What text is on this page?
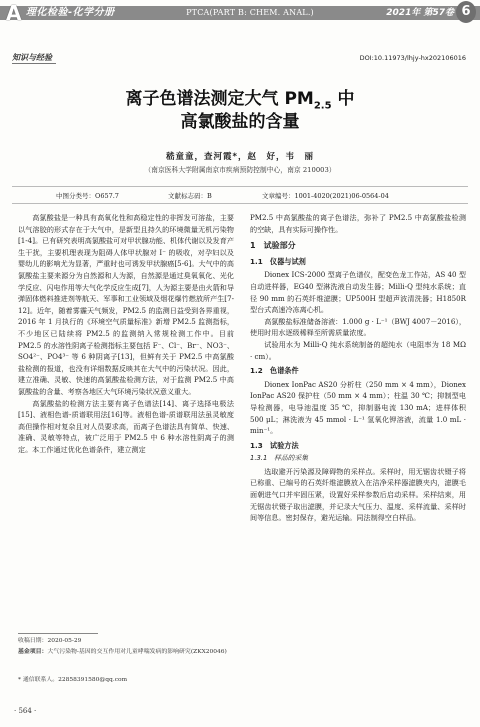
A 理化检验-化学分册	PTCA(PART B: CHEM. ANAL.)	2021年 第57卷 6
知识与经验	DOI:10.11973/lhjy-hx202106016
离子色谱法测定大气 $PM_{2.5}$ 中
高氯酸盐的含量
嵇童童，查河霞*，赵　好，韦　丽
（南京医科大学附属南京市疾病预防控制中心，南京 210003）
中图分类号：O657.7	文献标志码：B	文章编号：1001-4020(2021)06-0564-04

高氯酸盐是一种具有高氧化性和高稳定性的非挥发可溶盐，主要以气溶胶的形式存在于大气中，是新型且持久的环境微量无机污染物[1-4]。已有研究表明高氯酸盐可对甲状腺功能、机体代谢以及发育产生干扰，主要机理表现为阻碍人体甲状腺对 I⁻ 的吸收，对孕妇以及婴幼儿的影响尤为显著，严重时也可诱发甲状腺癌[5-6]。大气中的高氯酸盐主要来源分为自然源和人为源，自然源是通过臭氧氧化、光化学反应、闪电作用等大气化学反应生成[7]，人为源主要是由火箭和导弹固体燃料推进剂等航天、军事和工业领域及烟花爆竹燃放所产生[7-12]。近年，随着雾霾天气频发，PM2.5 的监测日益受到各界重视，2016 年 1 月执行的《环境空气质量标准》新增 PM2.5 监测指标，不少地区已陆续将 PM2.5 的监测纳入常规检测工作中。目前 PM2.5 的水溶性阴离子检测指标主要包括 F⁻、Cl⁻、Br⁻、NO3⁻、SO4²⁻、PO4³⁻ 等 6 种阴离子[13]，但鲜有关于 PM2.5 中高氯酸盐检测的报道，也没有详细数据反映其在大气中的污染状况。因此，建立准确、灵敏、快速的高氯酸盐检测方法，对于监测 PM2.5 中高氯酸盐的含量、考察各地区大气环境污染状况意义重大。

高氯酸盐的检测方法主要有离子色谱法[14]、离子选择电极法[15]、液相色谱-质谱联用法[16]等。液相色谱-质谱联用法虽灵敏度高但操作相对复杂且对人员要求高，而离子色谱法具有简单、快速、准确、灵敏等特点，被广泛用于 PM2.5 中 6 种水溶性阴离子的测定。本工作通过优化色谱条件，建立测定

PM2.5 中高氯酸盐的离子色谱法，弥补了 PM2.5 中高氯酸盐检测的空缺，具有实际可操作性。

1　试验部分
1.1　仪器与试剂

Dionex ICS-2000 型离子色谱仪，配变色龙工作站，AS 40 型自动进样器，EG40 型淋洗液自动发生器；Milli-Q 型纯水系统；直径 90 mm 的石英纤维滤膜；UP500H 型超声波清洗器；H1850R 型台式高速冷冻离心机。

高氯酸盐标准储备溶液：1.000 g · L⁻¹（BWJ 4007－2016），使用时用水逐级稀释至所需质量浓度。

试验用水为 Milli-Q 纯水系统制备的超纯水（电阻率为 18 MΩ · cm）。

1.2　色谱条件

Dionex IonPac AS20 分析柱（250 mm × 4 mm），Dionex IonPac AS20 保护柱（50 mm × 4 mm）；柱温 30 ℃；抑制型电导检测器，电导池温度 35 ℃，抑制器电流 130 mA；进样体积 500 μL；淋洗液为 45 mmol · L⁻¹ 氢氧化钾溶液，流量 1.0 mL · min⁻¹。

1.3　试验方法
1.3.1　样品的采集

选取避开污染源及障碍物的采样点。采样时，用无锯齿状镊子将已称重、已编号的石英纤维滤膜放入在洁净采样器滤膜夹内，滤膜毛面朝进气口并牢固压紧，设置好采样参数后启动采样。采样结束，用无锯齿状镊子取出滤膜，并记录大气压力、温度、采样流量、采样时间等信息。密封保存，避光运输。同法制得空白样品。

收稿日期：2020-05-29
基金项目：大气污染物-基因的交互作用对儿童哮喘发病的影响研究(ZKX20046)
* 通信联系人。22858391580@qq.com
· 564 ·
